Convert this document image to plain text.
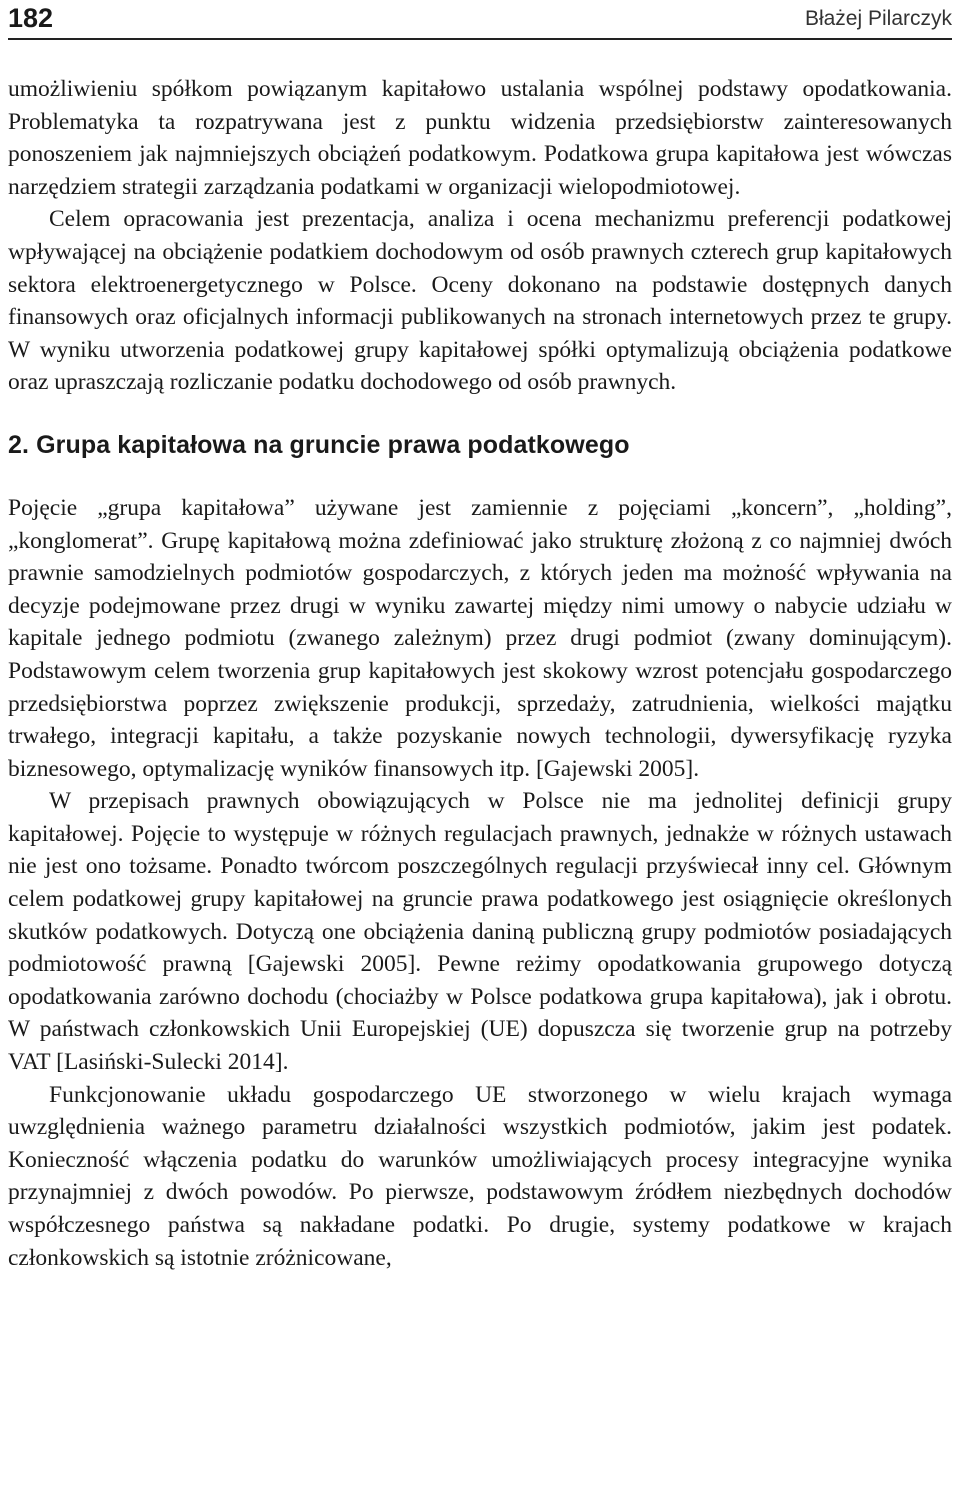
182	Błażej Pilarczyk

umożliwieniu spółkom powiązanym kapitałowo ustalania wspólnej podstawy opodatkowania. Problematyka ta rozpatrywana jest z punktu widzenia przedsiębiorstw zainteresowanych ponoszeniem jak najmniejszych obciążeń podatkowym. Podatkowa grupa kapitałowa jest wówczas narzędziem strategii zarządzania podatkami w organizacji wielopodmiotowej.

Celem opracowania jest prezentacja, analiza i ocena mechanizmu preferencji podatkowej wpływającej na obciążenie podatkiem dochodowym od osób prawnych czterech grup kapitałowych sektora elektroenergetycznego w Polsce. Oceny dokonano na podstawie dostępnych danych finansowych oraz oficjalnych informacji publikowanych na stronach internetowych przez te grupy. W wyniku utworzenia podatkowej grupy kapitałowej spółki optymalizują obciążenia podatkowe oraz upraszczają rozliczanie podatku dochodowego od osób prawnych.

2. Grupa kapitałowa na gruncie prawa podatkowego

Pojęcie „grupa kapitałowa” używane jest zamiennie z pojęciami „koncern”, „holding”, „konglomerat”. Grupę kapitałową można zdefiniować jako strukturę złożoną z co najmniej dwóch prawnie samodzielnych podmiotów gospodarczych, z których jeden ma możność wpływania na decyzje podejmowane przez drugi w wyniku zawartej między nimi umowy o nabycie udziału w kapitale jednego podmiotu (zwanego zależnym) przez drugi podmiot (zwany dominującym). Podstawowym celem tworzenia grup kapitałowych jest skokowy wzrost potencjału gospodarczego przedsiębiorstwa poprzez zwiększenie produkcji, sprzedaży, zatrudnienia, wielkości majątku trwałego, integracji kapitału, a także pozyskanie nowych technologii, dywersyfikację ryzyka biznesowego, optymalizację wyników finansowych itp. [Gajewski 2005].

W przepisach prawnych obowiązujących w Polsce nie ma jednolitej definicji grupy kapitałowej. Pojęcie to występuje w różnych regulacjach prawnych, jednakże w różnych ustawach nie jest ono tożsame. Ponadto twórcom poszczególnych regulacji przyświecał inny cel. Głównym celem podatkowej grupy kapitałowej na gruncie prawa podatkowego jest osiągnięcie określonych skutków podatkowych. Dotyczą one obciążenia daniną publiczną grupy podmiotów posiadających podmiotowość prawną [Gajewski 2005]. Pewne reżimy opodatkowania grupowego dotyczą opodatkowania zarówno dochodu (chociażby w Polsce podatkowa grupa kapitałowa), jak i obrotu. W państwach członkowskich Unii Europejskiej (UE) dopuszcza się tworzenie grup na potrzeby VAT [Lasiński-Sulecki 2014].

Funkcjonowanie układu gospodarczego UE stworzonego w wielu krajach wymaga uwzględnienia ważnego parametru działalności wszystkich podmiotów, jakim jest podatek. Konieczność włączenia podatku do warunków umożliwiających procesy integracyjne wynika przynajmniej z dwóch powodów. Po pierwsze, podstawowym źródłem niezbędnych dochodów współczesnego państwa są nakładane podatki. Po drugie, systemy podatkowe w krajach członkowskich są istotnie zróżnicowane,
